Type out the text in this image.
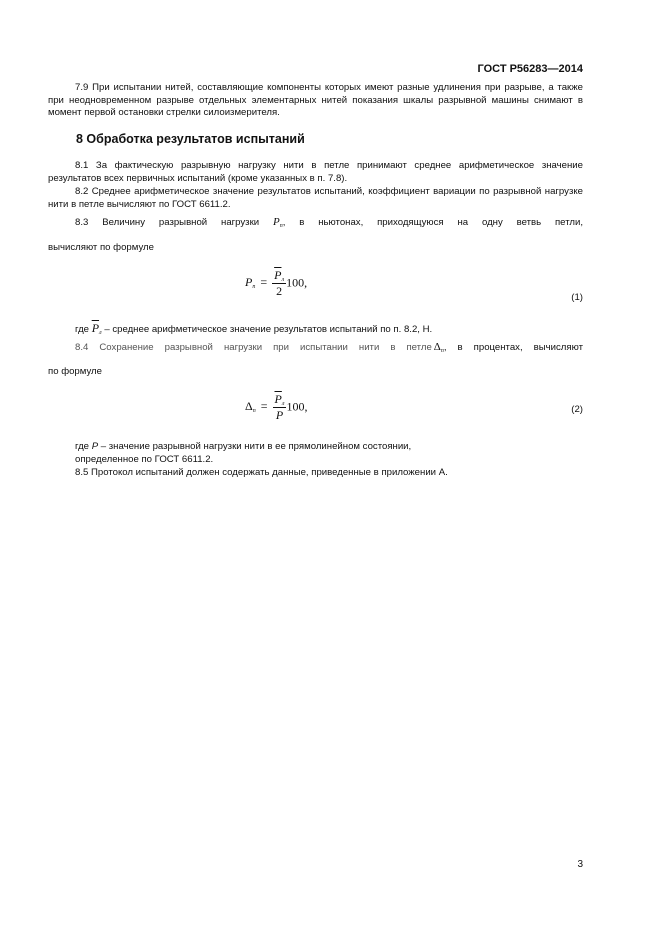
ГОСТ Р56283—2014
7.9 При испытании нитей, составляющие компоненты которых имеют разные удлинения при разрыве, а также при неодновременном разрыве отдельных элементарных нитей показания шкалы разрывной машины снимают в момент первой остановки стрелки силоизмерителя.
8 Обработка результатов испытаний
8.1 За фактическую разрывную нагрузку нити в петле принимают среднее арифметическое значение результатов всех первичных испытаний (кроме указанных в п. 7.8).
8.2 Среднее арифметическое значение результатов испытаний, коэффициент вариации по разрывной нагрузке нити в петле вычисляют по ГОСТ 6611.2.
8.3 Величину разрывной нагрузки $P_п$, в ньютонах, приходящуюся на одну ветвь петли,
вычисляют по формуле
$P_п = \frac{\overline{P}_л}{2} 100$,
(1)
где $\overline{P}_л$ – среднее арифметическое значение результатов испытаний по п. 8.2, Н.
8.4 Сохранение разрывной нагрузки при испытании нити в петле $\Delta_п$, в процентах, вычисляют
по формуле
$\Delta_п = \frac{\overline{P}_л}{P} 100$,	(2)
где P – значение разрывной нагрузки нити в ее прямолинейном состоянии,
определенное по ГОСТ 6611.2.
8.5 Протокол испытаний должен содержать данные, приведенные в приложении А.
3
